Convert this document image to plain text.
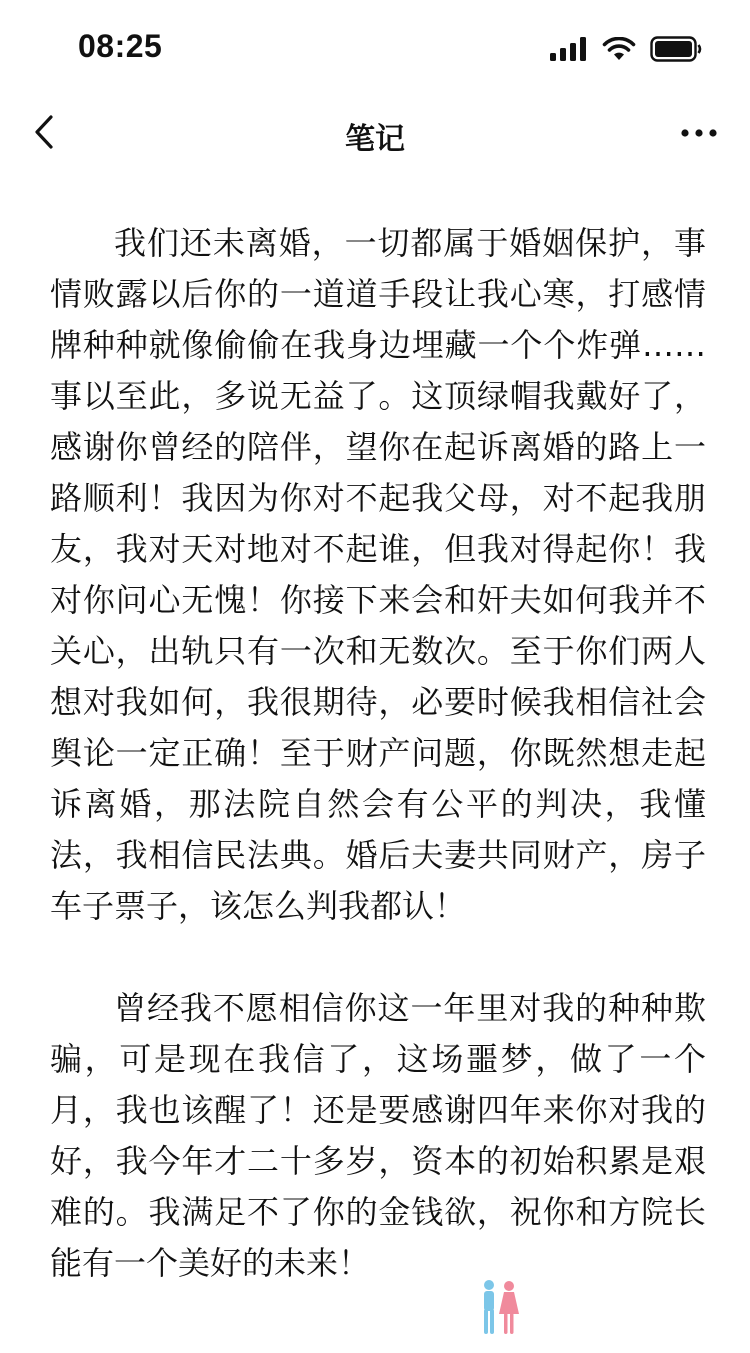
08:25
笔记

我们还未离婚，一切都属于婚姻保护，事情败露以后你的一道道手段让我心寒，打感情牌种种就像偷偷在我身边埋藏一个个炸弹……事以至此，多说无益了。这顶绿帽我戴好了，感谢你曾经的陪伴，望你在起诉离婚的路上一路顺利！我因为你对不起我父母，对不起我朋友，我对天对地对不起谁，但我对得起你！我对你问心无愧！你接下来会和奸夫如何我并不关心，出轨只有一次和无数次。至于你们两人想对我如何，我很期待，必要时候我相信社会舆论一定正确！至于财产问题，你既然想走起诉离婚，那法院自然会有公平的判决，我懂法，我相信民法典。婚后夫妻共同财产，房子车子票子，该怎么判我都认！

曾经我不愿相信你这一年里对我的种种欺骗，可是现在我信了，这场噩梦，做了一个月，我也该醒了！还是要感谢四年来你对我的好，我今年才二十多岁，资本的初始积累是艰难的。我满足不了你的金钱欲，祝你和方院长能有一个美好的未来！
